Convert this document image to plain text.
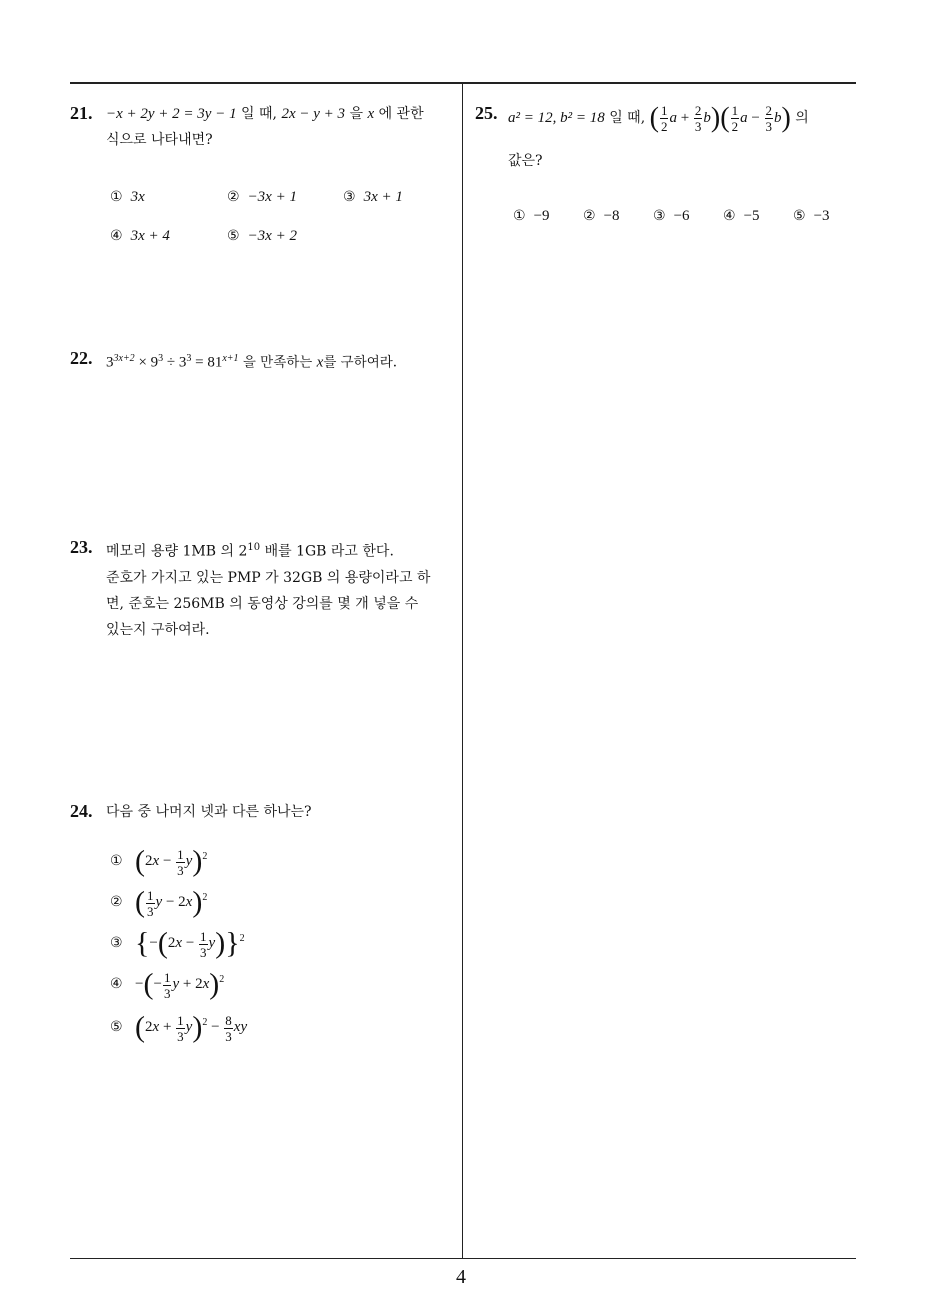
21. −x + 2y + 2 = 3y − 1 일 때, 2x − y + 3 을 x 에 관한
식으로 나타내면?
① 3x	② −3x + 1	③ 3x + 1
④ 3x + 4	⑤ −3x + 2
22. $3^{3x+2} \times 9^3 \div 3^3 = 81^{x+1}$ 을 만족하는 x를 구하여라.
23. 메모리 용량 1MB 의 $2^{10}$ 배를 1GB 라고 한다.
준호가 가지고 있는 PMP 가 32GB 의 용량이라고 하
면, 준호는 256MB 의 동영상 강의를 몇 개 넣을 수
있는지 구하여라.
24. 다음 중 나머지 넷과 다른 하나는?
① $(2x - \frac{1}{3} y)^2$
② ( $\frac{1}{3}$ y − 2x)$^2$
③ $\{-(2x - \frac{1}{3} y)\}^2$
④ −(− $\frac{1}{3}$ y + 2x)$^2$
⑤ $(2x + \frac{1}{3} y)^2 - \frac{8}{3}$ xy
25. a² = 12, b² = 18 일 때, ( $\frac{1}{2}$ $a + \frac{2}{3} b)( \frac{1}{2}$ $a - \frac{2}{3} b$) 의
값은?
① −9 ② −8 ③ −6 ④ −5 ⑤ −3
4
